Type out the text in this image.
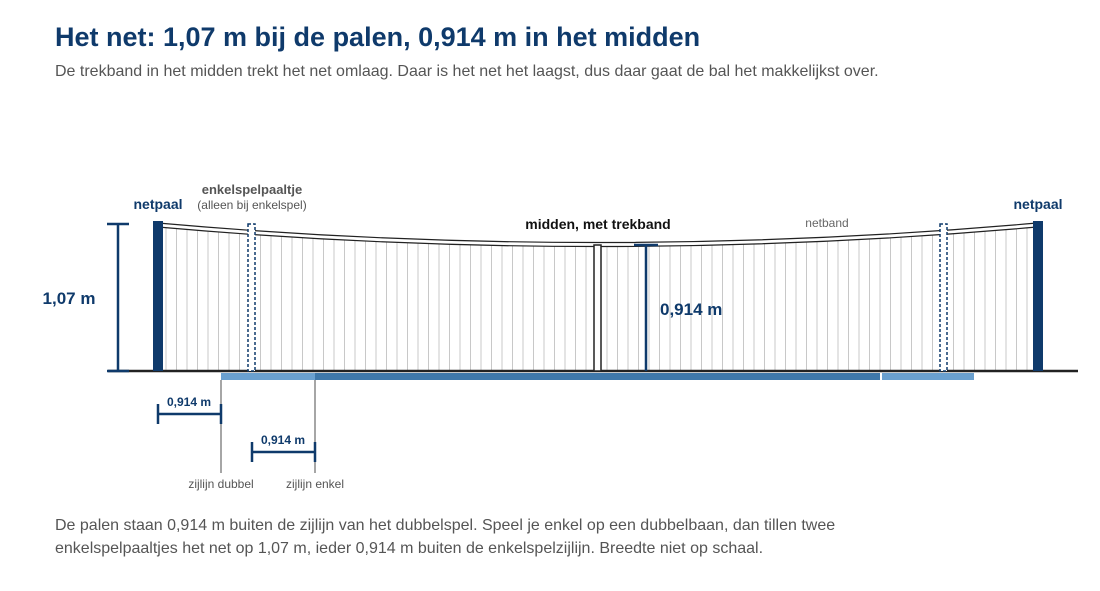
Het net: 1,07 m bij de palen, 0,914 m in het midden

De trekband in het midden trekt het net omlaag. Daar is het net het laagst, dus daar gaat de bal het makkelijkst over.

1,07 m
0,914 m
netpaal	netpaal
enkelspelpaaltje
(alleen bij enkelspel)
midden, met trekband	netband
0,914 m
0,914 m
zijlijn dubbel	zijlijn enkel

De palen staan 0,914 m buiten de zijlijn van het dubbelspel. Speel je enkel op een dubbelbaan, dan tillen twee enkelspelpaaltjes het net op 1,07 m, ieder 0,914 m buiten de enkelspelzijlijn. Breedte niet op schaal.
